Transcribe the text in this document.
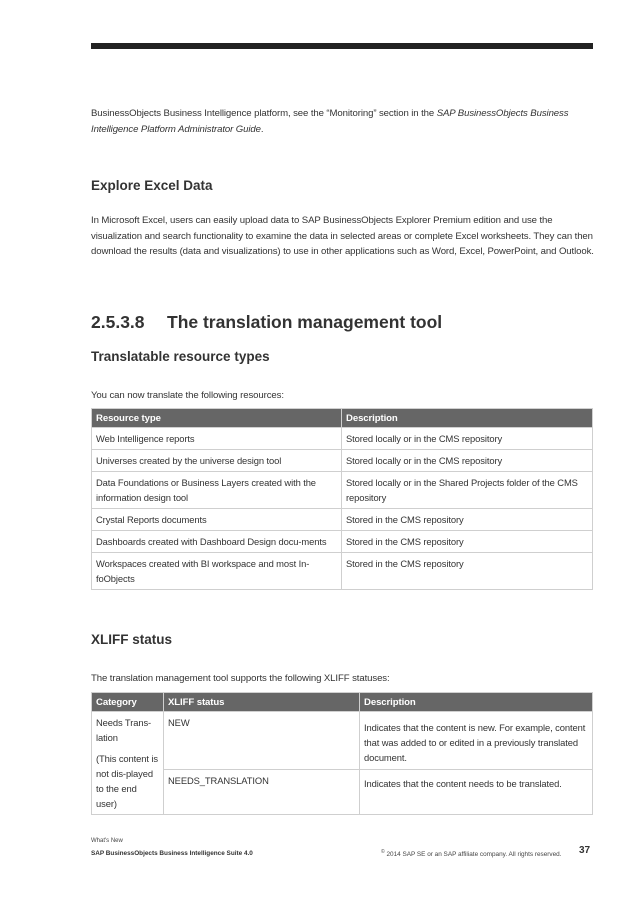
BusinessObjects Business Intelligence platform, see the “Monitoring” section in the SAP BusinessObjects Business Intelligence Platform Administrator Guide.

Explore Excel Data

In Microsoft Excel, users can easily upload data to SAP BusinessObjects Explorer Premium edition and use the visualization and search functionality to examine the data in selected areas or complete Excel worksheets. They can then download the results (data and visualizations) to use in other applications such as Word, Excel, PowerPoint, and Outlook.

2.5.3.8 The translation management tool
Translatable resource types

You can now translate the following resources:

Resource type	Description
Web Intelligence reports	Stored locally or in the CMS repository
Universes created by the universe design tool	Stored locally or in the CMS repository
Data Foundations or Business Layers created with the information design tool	Stored locally or in the Shared Projects folder of the CMS repository
Crystal Reports documents	Stored in the CMS repository
Dashboards created with Dashboard Design docu-ments	Stored in the CMS repository
Workspaces created with BI workspace and most In-foObjects	Stored in the CMS repository
XLIFF status

The translation management tool supports the following XLIFF statuses:

Category	XLIFF status	Description
Needs Trans-lation
(This content is not dis-played to the end user)	NEW	Indicates that the content is new. For example, content that was added to or edited in a previously translated document.
	NEEDS_TRANSLATION	Indicates that the content needs to be translated.
What's New
SAP BusinessObjects Business Intelligence Suite 4.0	© 2014 SAP SE or an SAP affiliate company. All rights reserved. 37
